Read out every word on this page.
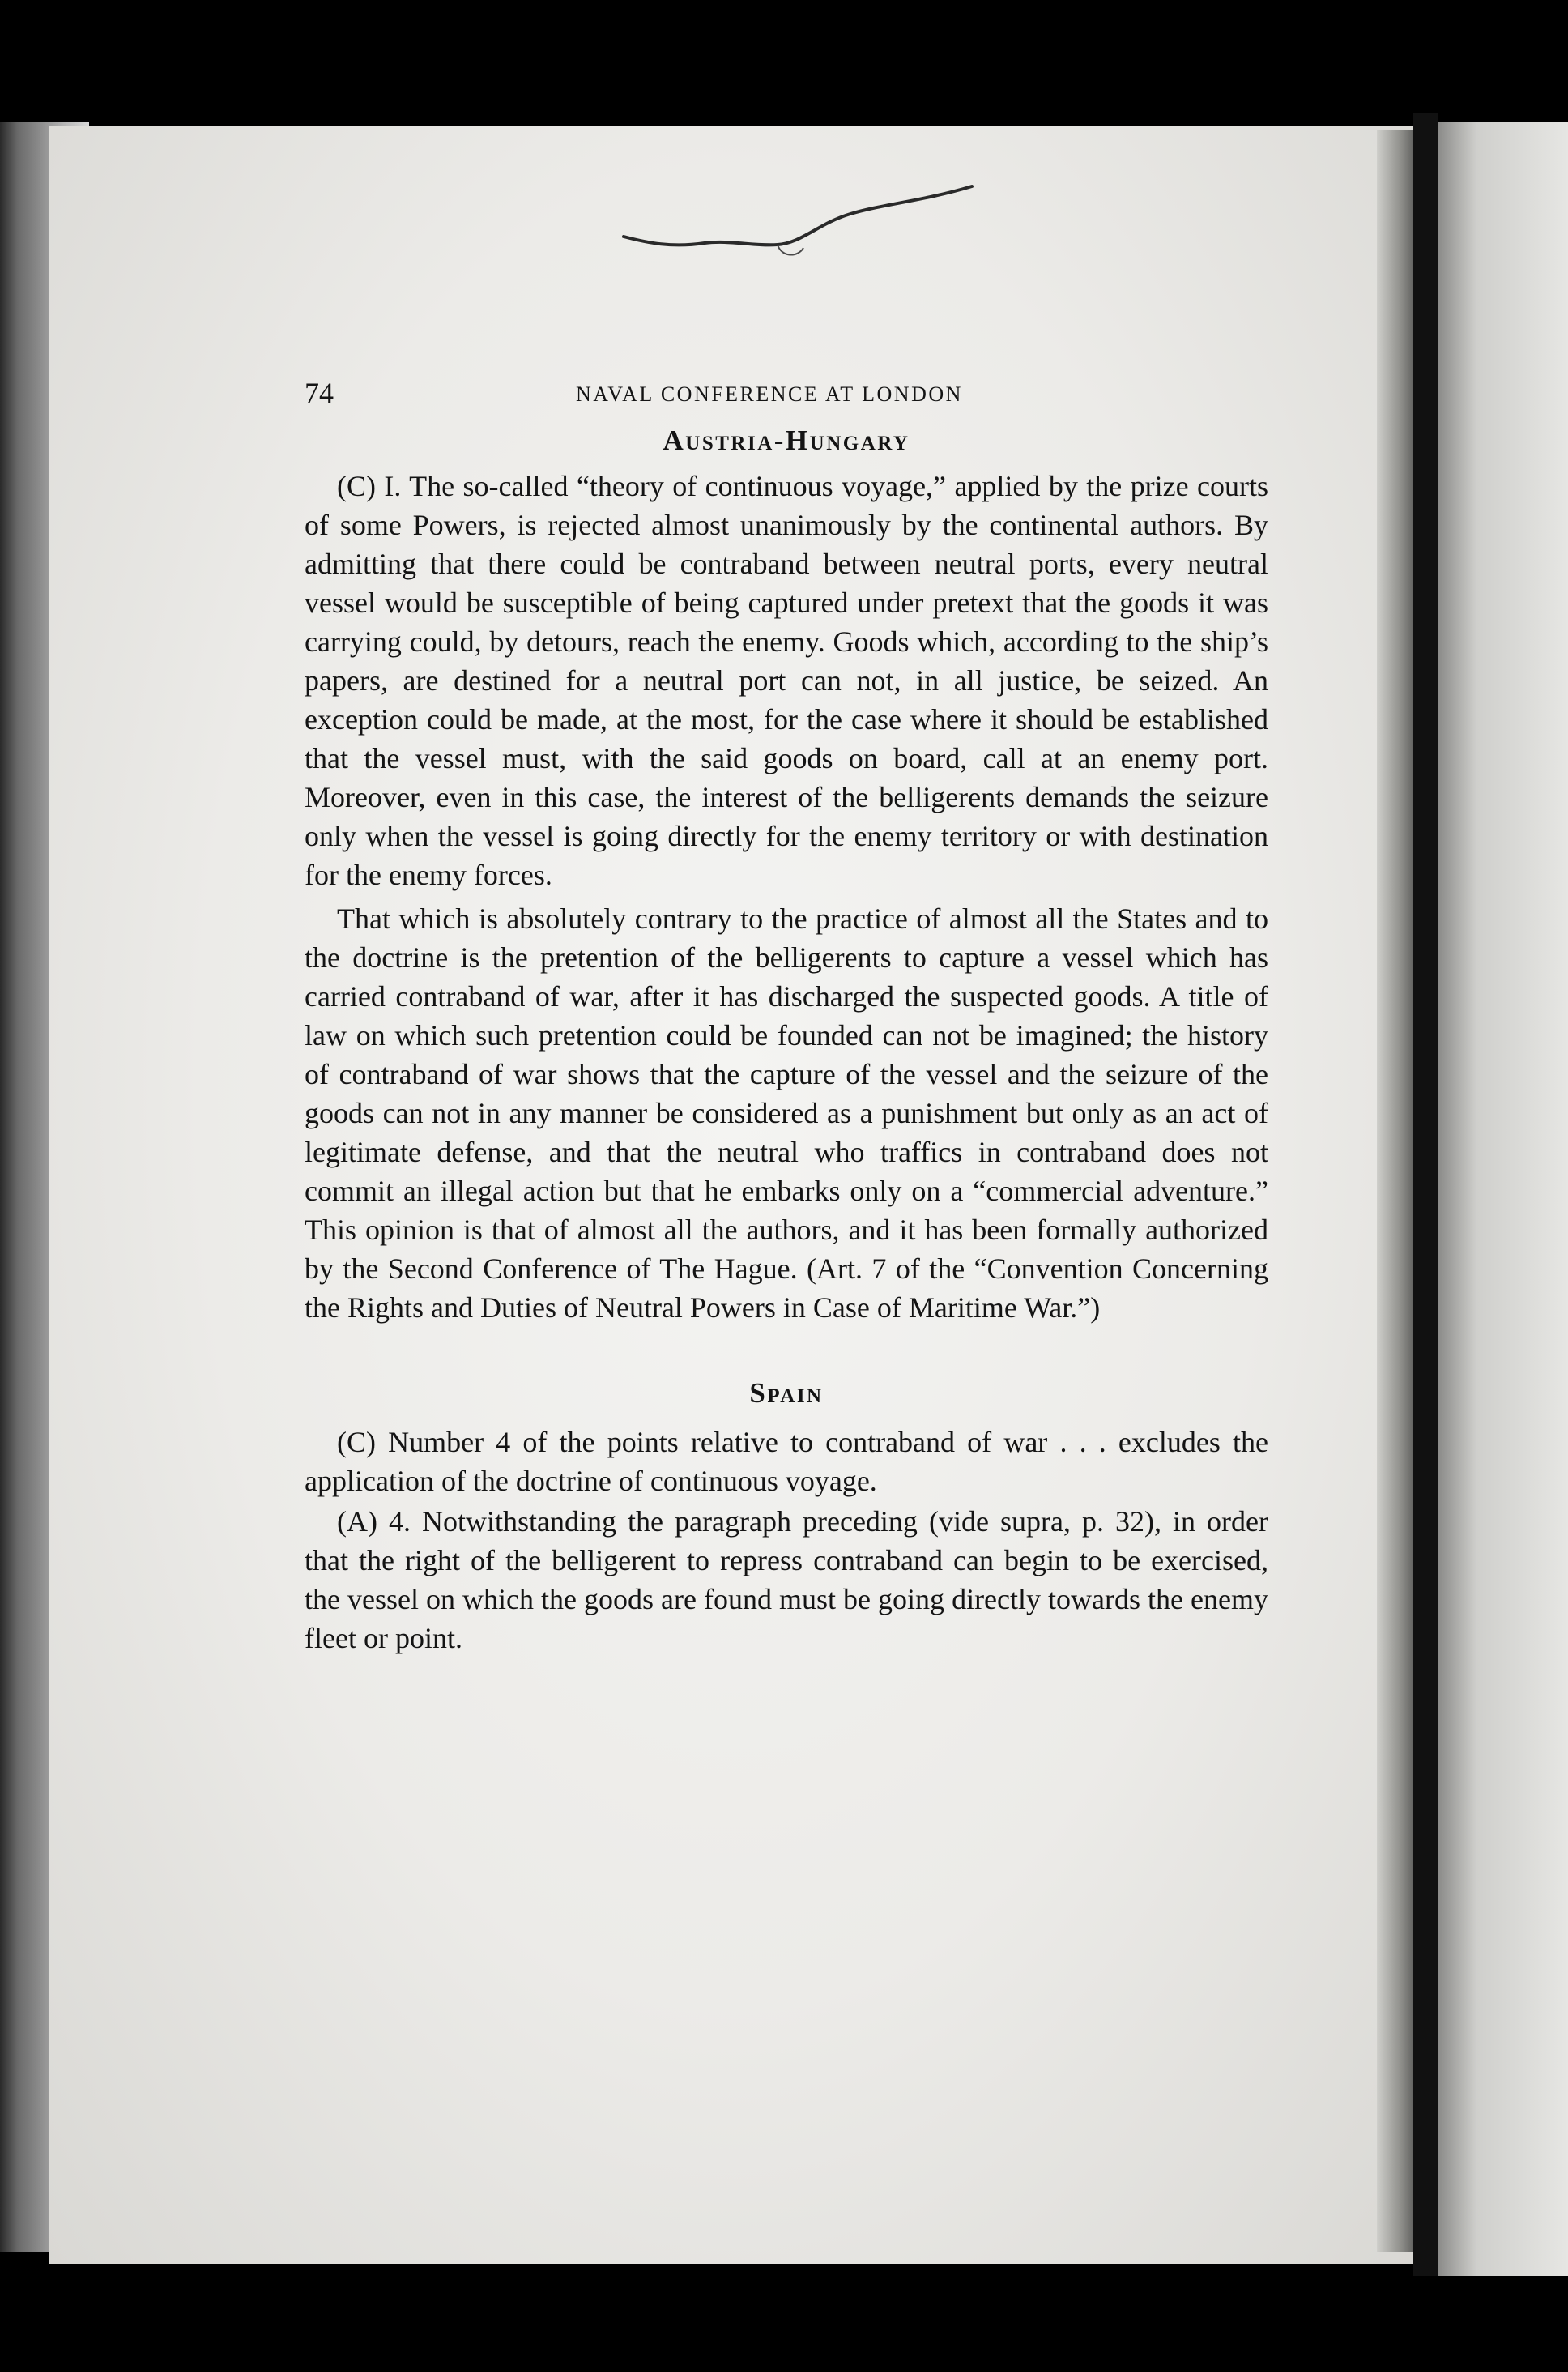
74	NAVAL CONFERENCE AT LONDON
Austria-Hungary

(C) I. The so-called “theory of continuous voyage,” applied by the prize courts of some Powers, is rejected almost unanimously by the continental authors. By admitting that there could be contraband between neutral ports, every neutral vessel would be susceptible of being captured under pretext that the goods it was carrying could, by detours, reach the enemy. Goods which, according to the ship’s papers, are destined for a neutral port can not, in all justice, be seized. An exception could be made, at the most, for the case where it should be established that the vessel must, with the said goods on board, call at an enemy port. Moreover, even in this case, the interest of the belligerents demands the seizure only when the vessel is going directly for the enemy territory or with destination for the enemy forces.

That which is absolutely contrary to the practice of almost all the States and to the doctrine is the pretention of the belligerents to capture a vessel which has carried contraband of war, after it has discharged the suspected goods. A title of law on which such pretention could be founded can not be imagined; the history of contraband of war shows that the capture of the vessel and the seizure of the goods can not in any manner be considered as a punishment but only as an act of legitimate defense, and that the neutral who traffics in contraband does not commit an illegal action but that he embarks only on a “commercial adventure.” This opinion is that of almost all the authors, and it has been formally authorized by the Second Conference of The Hague. (Art. 7 of the “Convention Concerning the Rights and Duties of Neutral Powers in Case of Maritime War.”)

Spain

(C) Number 4 of the points relative to contraband of war . . . excludes the application of the doctrine of continuous voyage.

(A) 4. Notwithstanding the paragraph preceding (vide supra, p. 32), in order that the right of the belligerent to repress contraband can begin to be exercised, the vessel on which the goods are found must be going directly towards the enemy fleet or point.
